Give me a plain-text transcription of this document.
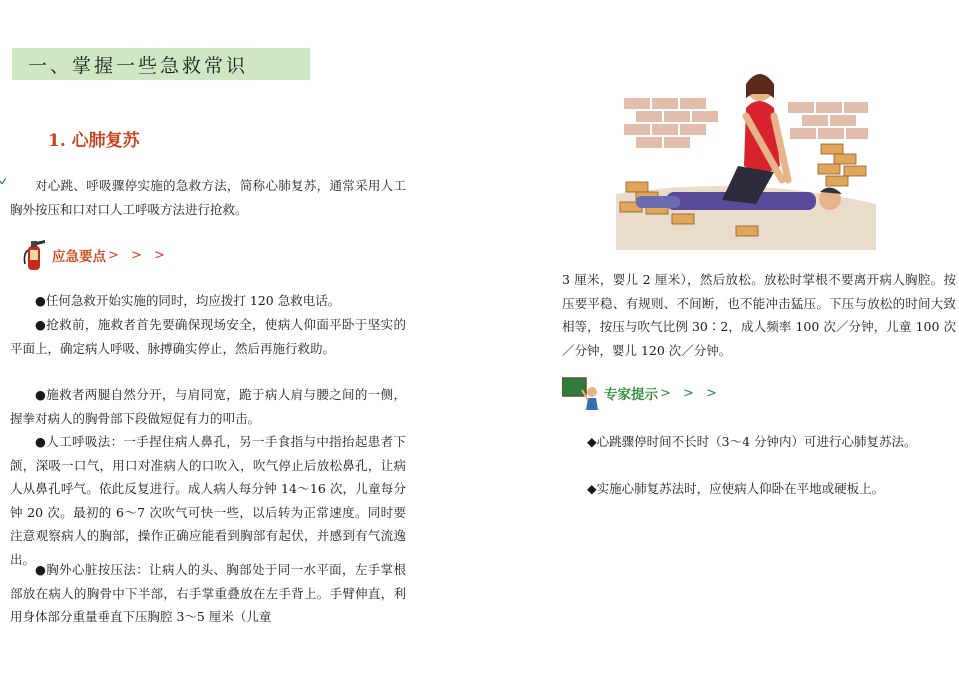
一、掌握一些急救常识
1. 心肺复苏

对心跳、呼吸骤停实施的急救方法，简称心肺复苏，通常采用人工胸外按压和口对口人工呼吸方法进行抢救。

应急要点 > > >

●任何急救开始实施的同时，均应拨打 120 急救电话。

●抢救前，施救者首先要确保现场安全，使病人仰面平卧于坚实的平面上，确定病人呼吸、脉搏确实停止，然后再施行救助。

●施救者两腿自然分开，与肩同宽，跪于病人肩与腰之间的一侧，握拳对病人的胸骨部下段做短促有力的叩击。

●人工呼吸法：一手捏住病人鼻孔，另一手食指与中指抬起患者下颌，深吸一口气，用口对准病人的口吹入，吹气停止后放松鼻孔，让病人从鼻孔呼气。依此反复进行。成人病人每分钟 14～16 次，儿童每分钟 20 次。最初的 6～7 次吹气可快一些，以后转为正常速度。同时要注意观察病人的胸部，操作正确应能看到胸部有起伏，并感到有气流逸出。

●胸外心脏按压法：让病人的头、胸部处于同一水平面，左手掌根部放在病人的胸骨中下半部，右手掌重叠放在左手背上。手臂伸直，利用身体部分重量垂直下压胸腔 3～5 厘米（儿童

3 厘米，婴儿 2 厘米），然后放松。放松时掌根不要离开病人胸腔。按压要平稳、有规则、不间断，也不能冲击猛压。下压与放松的时间大致相等，按压与吹气比例 30∶2，成人频率 100 次／分钟，儿童 100 次／分钟，婴儿 120 次／分钟。

专家提示 > > >

◆心跳骤停时间不长时（3～4 分钟内）可进行心肺复苏法。

◆实施心肺复苏法时，应使病人仰卧在平地或硬板上。
